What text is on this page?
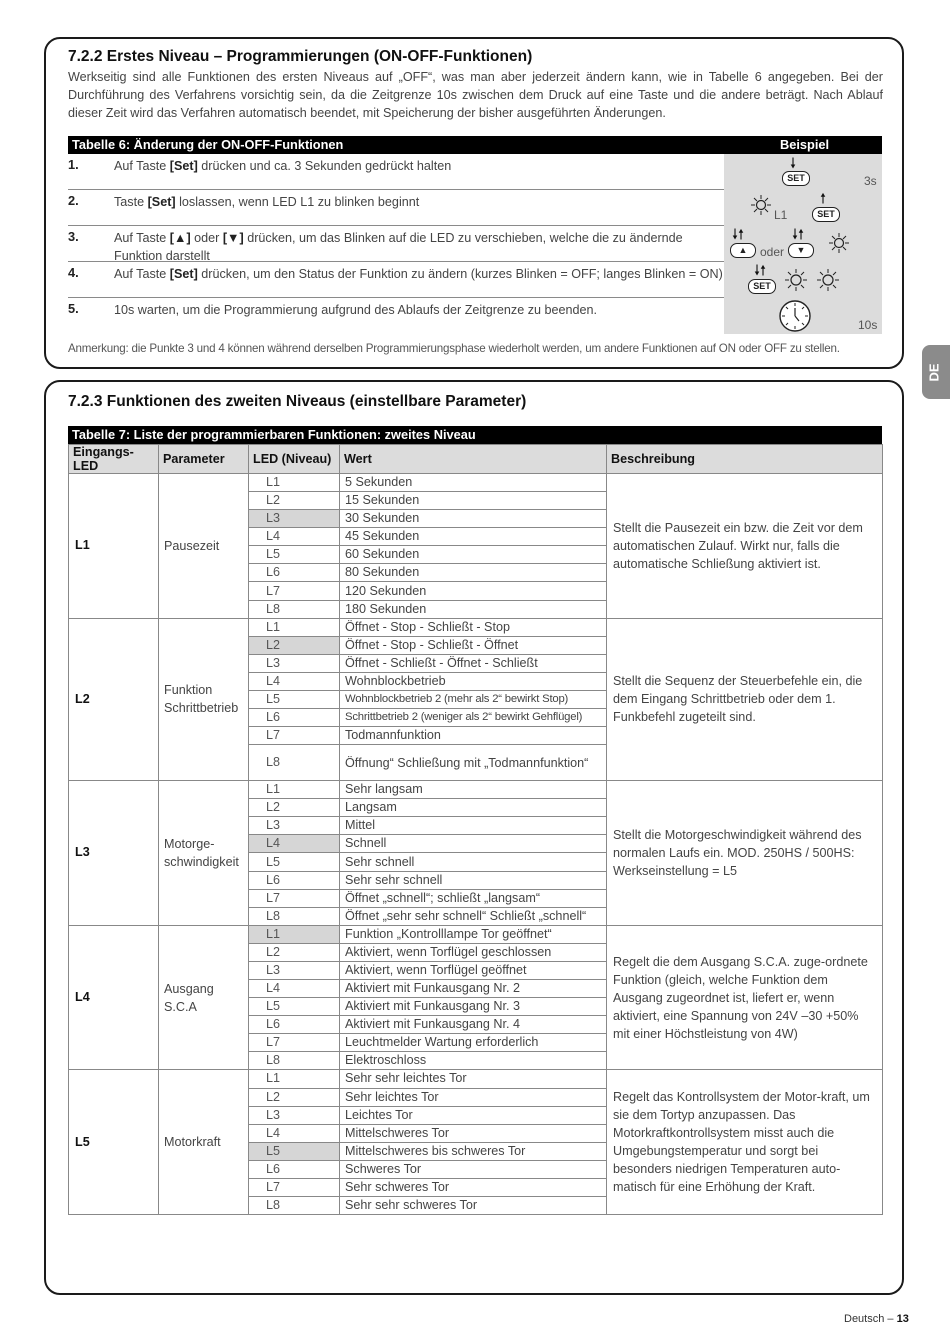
7.2.2 Erstes Niveau – Programmierungen (ON-OFF-Funktionen)
Werkseitig sind alle Funktionen des ersten Niveaus auf „OFF“, was man aber jederzeit ändern kann, wie in Tabelle 6 angegeben. Bei der Durchführung des Verfahrens vorsichtig sein, da die Zeitgrenze 10s zwischen dem Druck auf eine Taste und die andere beträgt. Nach Ablauf dieser Zeit wird das Verfahren automatisch beendet, mit Speicherung der bisher ausgeführten Änderungen.
Tabelle 6: Änderung der ON-OFF-Funktionen	Beispiel
1.	Auf Taste [Set] drücken und ca. 3 Sekunden gedrückt halten	🠗
SET	3s
2.	Taste [Set] loslassen, wenn LED L1 zu blinken beginnt
L1
🠕
SET
3.	Auf Taste [▲] oder [▼] drücken, um das Blinken auf die LED zu verschieben, welche die zu ändernde Funktion darstellt
🠗🠕
▲	oder
🠗🠕
▼
4.	Auf Taste [Set] drücken, um den Status der Funktion zu ändern (kurzes Blinken = OFF; langes Blinken = ON) 🠗🠕
SET
5.	10s warten, um die Programmierung aufgrund des Ablaufs der Zeitgrenze zu beenden.
10s
Anmerkung: die Punkte 3 und 4 können während derselben Programmierungsphase wiederholt werden, um andere Funktionen auf ON oder OFF zu stellen.
DE
7.2.3 Funktionen des zweiten Niveaus (einstellbare Parameter)
Tabelle 7: Liste der programmierbaren Funktionen: zweites Niveau
Eingangs-LED	Parameter	LED (Niveau)	Wert	Beschreibung
L1	Pausezeit	L1	5 Sekunden	Stellt die Pausezeit ein bzw. die Zeit vor dem automatischen Zulauf. Wirkt nur, falls die automatische Schließung aktiviert ist.
		L2	15 Sekunden	
		L3	30 Sekunden	
		L4	45 Sekunden	
		L5	60 Sekunden	
		L6	80 Sekunden	
		L7	120 Sekunden	
		L8	180 Sekunden	
L2	Funktion Schrittbetrieb	L1	Öffnet - Stop - Schließt - Stop	Stellt die Sequenz der Steuerbefehle ein, die dem Eingang Schrittbetrieb oder dem 1. Funkbefehl zugeteilt sind.
		L2	Öffnet - Stop - Schließt - Öffnet	
		L3	Öffnet - Schließt - Öffnet - Schließt	
		L4	Wohnblockbetrieb	
		L5	Wohnblockbetrieb 2 (mehr als 2“ bewirkt Stop)	
		L6	Schrittbetrieb 2 (weniger als 2“ bewirkt Gehflügel)	
		L7	Todmannfunktion	
		L8	Öffnung“ Schließung mit „Todmannfunktion“	
L3	Motorge-schwindigkeit	L1	Sehr langsam	Stellt die Motorgeschwindigkeit während des normalen Laufs ein. MOD. 250HS / 500HS: Werkseinstellung = L5
		L2	Langsam	
		L3	Mittel	
		L4	Schnell	
		L5	Sehr schnell	
		L6	Sehr sehr schnell	
		L7	Öffnet „schnell“; schließt „langsam“	
		L8	Öffnet „sehr sehr schnell“ Schließt „schnell“	
L4	Ausgang S.C.A	L1	Funktion „Kontrolllampe Tor geöffnet“	Regelt die dem Ausgang S.C.A. zuge-ordnete Funktion (gleich, welche Funktion dem Ausgang zugeordnet ist, liefert er, wenn aktiviert, eine Spannung von 24V –30 +50% mit einer Höchstleistung von 4W)
		L2	Aktiviert, wenn Torflügel geschlossen	
		L3	Aktiviert, wenn Torflügel geöffnet	
		L4	Aktiviert mit Funkausgang Nr. 2	
		L5	Aktiviert mit Funkausgang Nr. 3	
		L6	Aktiviert mit Funkausgang Nr. 4	
		L7	Leuchtmelder Wartung erforderlich	
		L8	Elektroschloss	
L5	Motorkraft	L1	Sehr sehr leichtes Tor	Regelt das Kontrollsystem der Motor-kraft, um sie dem Tortyp anzupassen. Das Motorkraftkontrollsystem misst auch die Umgebungstemperatur und sorgt bei besonders niedrigen Temperaturen auto-matisch für eine Erhöhung der Kraft.
		L2	Sehr leichtes Tor	
		L3	Leichtes Tor	
		L4	Mittelschweres Tor	
		L5	Mittelschweres bis schweres Tor	
		L6	Schweres Tor	
		L7	Sehr schweres Tor	
		L8	Sehr sehr schweres Tor	
Deutsch – 13
